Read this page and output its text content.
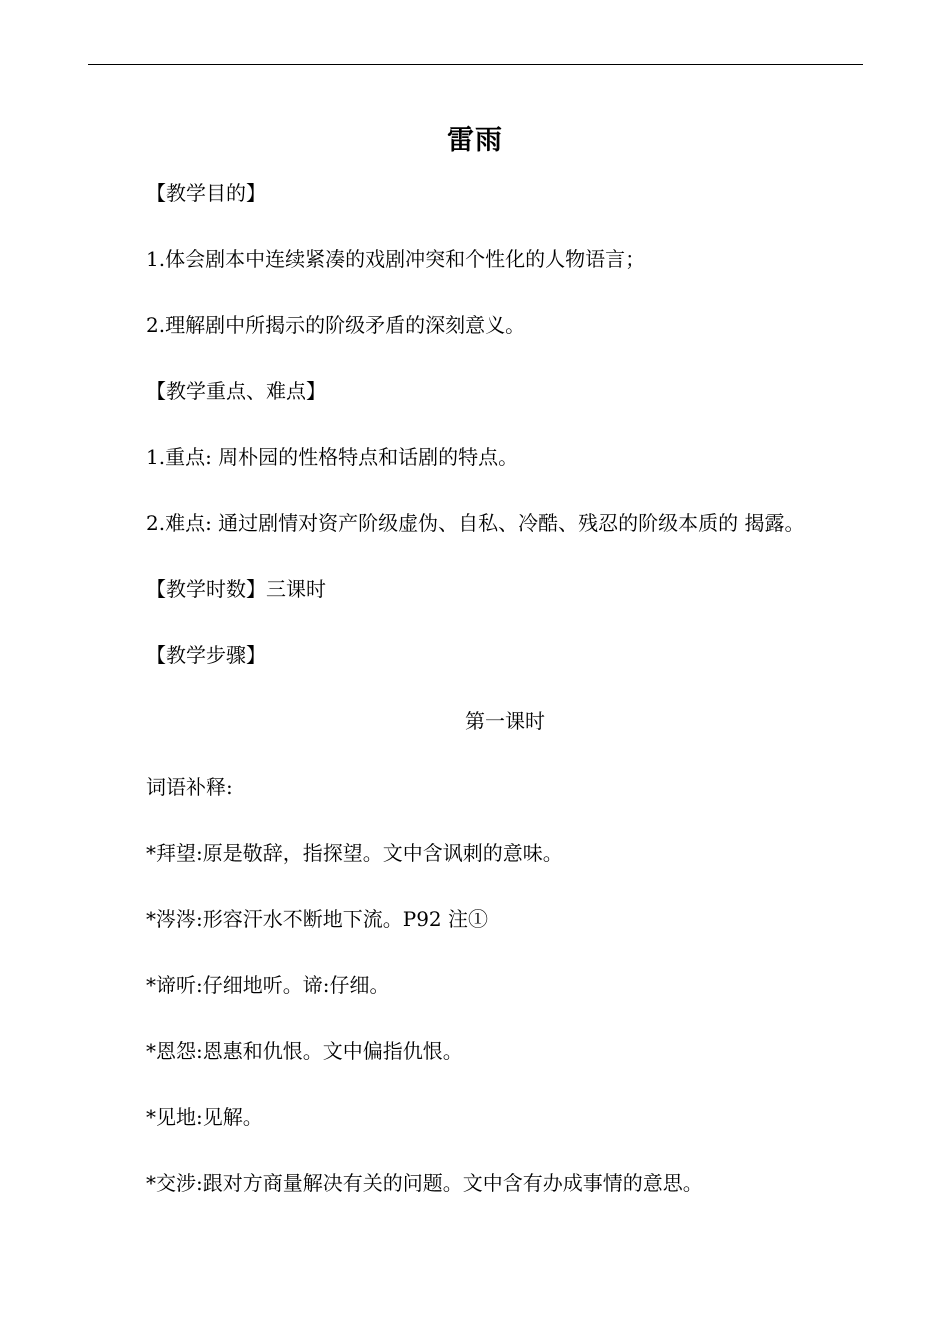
雷雨
【教学目的】
1.体会剧本中连续紧凑的戏剧冲突和个性化的人物语言；
2.理解剧中所揭示的阶级矛盾的深刻意义。
【教学重点、难点】
1.重点: 周朴园的性格特点和话剧的特点。
2.难点: 通过剧情对资产阶级虚伪、自私、冷酷、残忍的阶级本质的 揭露。
【教学时数】三课时
【教学步骤】
第一课时
词语补释:
*拜望:原是敬辞，指探望。文中含讽刺的意味。
*涔涔:形容汗水不断地下流。P92 注①
*谛听:仔细地听。谛:仔细。
*恩怨:恩惠和仇恨。文中偏指仇恨。
*见地:见解。
*交涉:跟对方商量解决有关的问题。文中含有办成事情的意思。
